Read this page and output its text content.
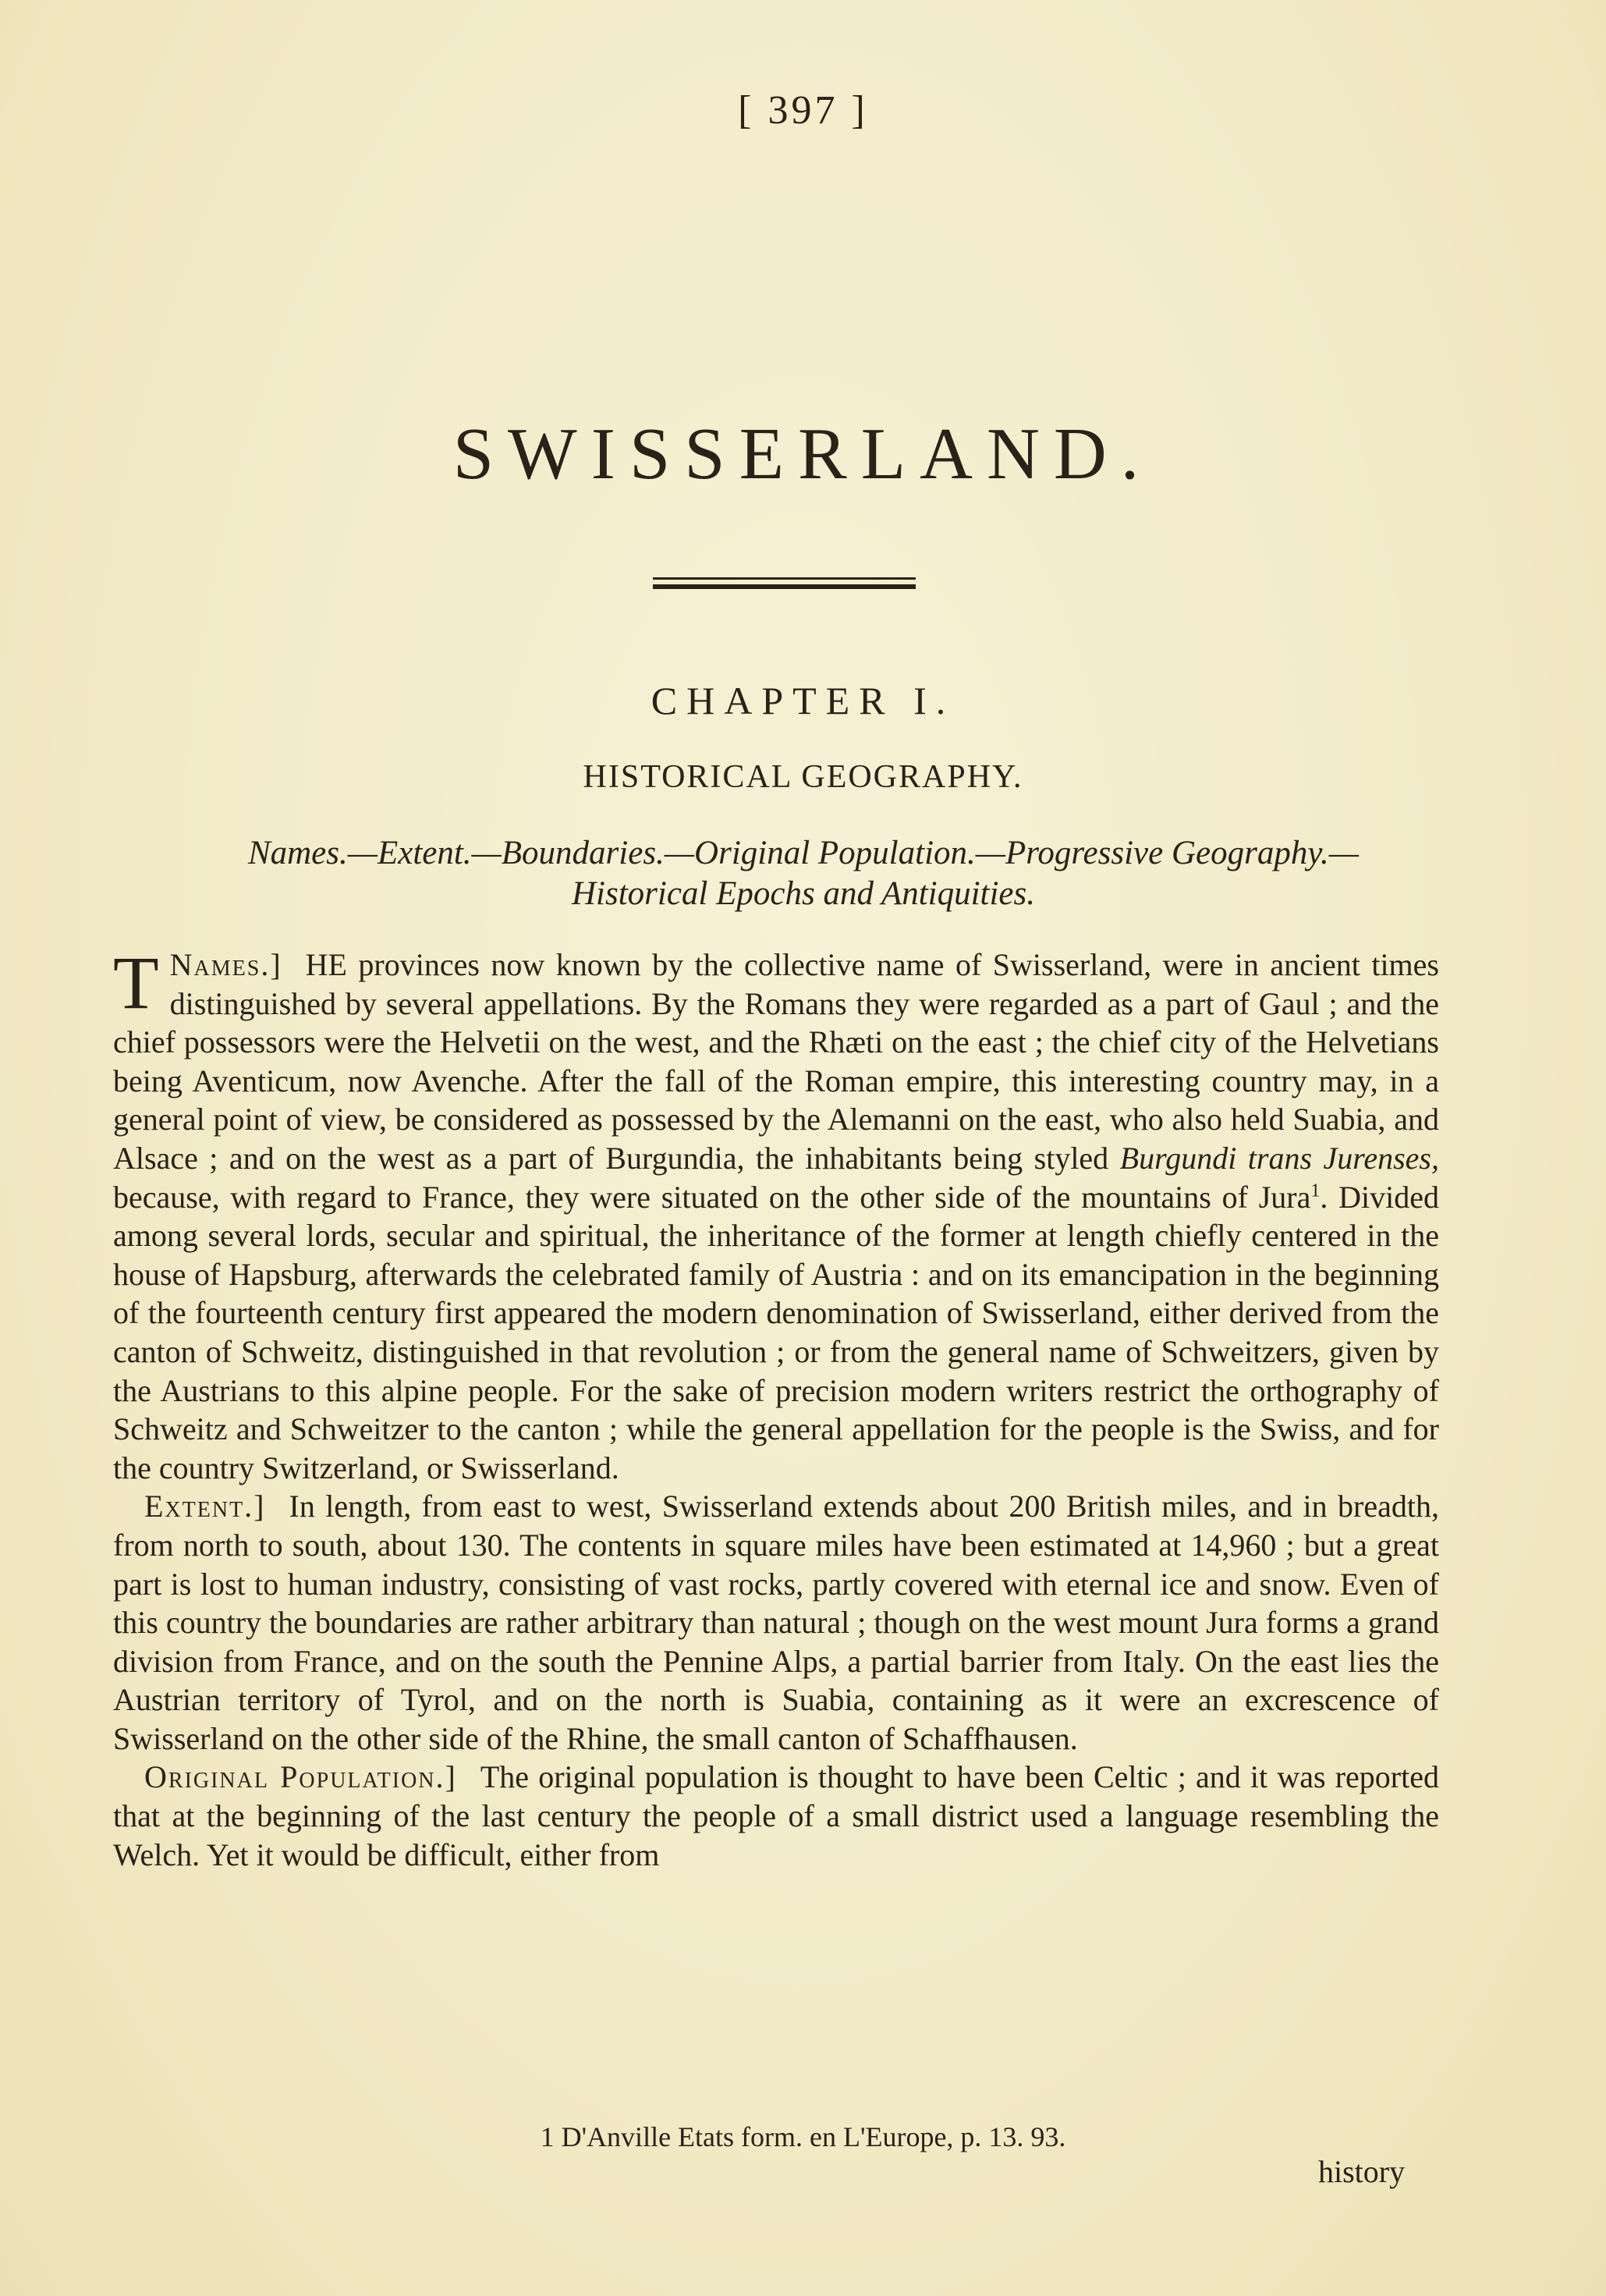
[ 397 ]
SWISSERLAND.
CHAPTER I.
HISTORICAL GEOGRAPHY.
Names.—Extent.—Boundaries.—Original Population.—Progressive Geography.—
Historical Epochs and Antiquities.

Names.]
T	HE provinces now known by the collective name of Swisserland, were in ancient times distinguished by several appellations. By the Romans they were regarded as a part of Gaul ; and the chief possessors were the Helvetii on the west, and the Rhæti on the east ; the chief city of the Helvetians being Aventicum, now Avenche. After the fall of the Roman empire, this interesting country may, in a general point of view, be considered as possessed by the Alemanni on the east, who also held Suabia, and Alsace ; and on the west as a part of Burgundia, the inhabitants being styled Burgundi trans Jurenses, because, with regard to France, they were situated on the other side of the mountains of Jura$^1$. Divided among several lords, secular and spiritual, the inheritance of the former at length chiefly centered in the house of Hapsburg, afterwards the celebrated family of Austria : and on its emancipation in the beginning of the fourteenth century first appeared the modern denomination of Swisserland, either derived from the canton of Schweitz, distinguished in that revolution ; or from the general name of Schweitzers, given by the Austrians to this alpine people. For the sake of precision modern writers restrict the orthography of Schweitz and Schweitzer to the canton ; while the general appellation for the people is the Swiss, and for the country Switzerland, or Swisserland.

Extent.] In length, from east to west, Swisserland extends about 200 British miles, and in breadth, from north to south, about 130. The contents in square miles have been estimated at 14,960 ; but a great part is lost to human industry, consisting of vast rocks, partly covered with eternal ice and snow. Even of this country the boundaries are rather arbitrary than natural ; though on the west mount Jura forms a grand division from France, and on the south the Pennine Alps, a partial barrier from Italy. On the east lies the Austrian territory of Tyrol, and on the north is Suabia, containing as it were an excrescence of Swisserland on the other side of the Rhine, the small canton of Schaffhausen.

Original Population.] The original population is thought to have been Celtic ; and it was reported that at the beginning of the last century the people of a small district used a language resembling the Welch. Yet it would be difficult, either from

1 D'Anville Etats form. en L'Europe, p. 13. 93.
history
